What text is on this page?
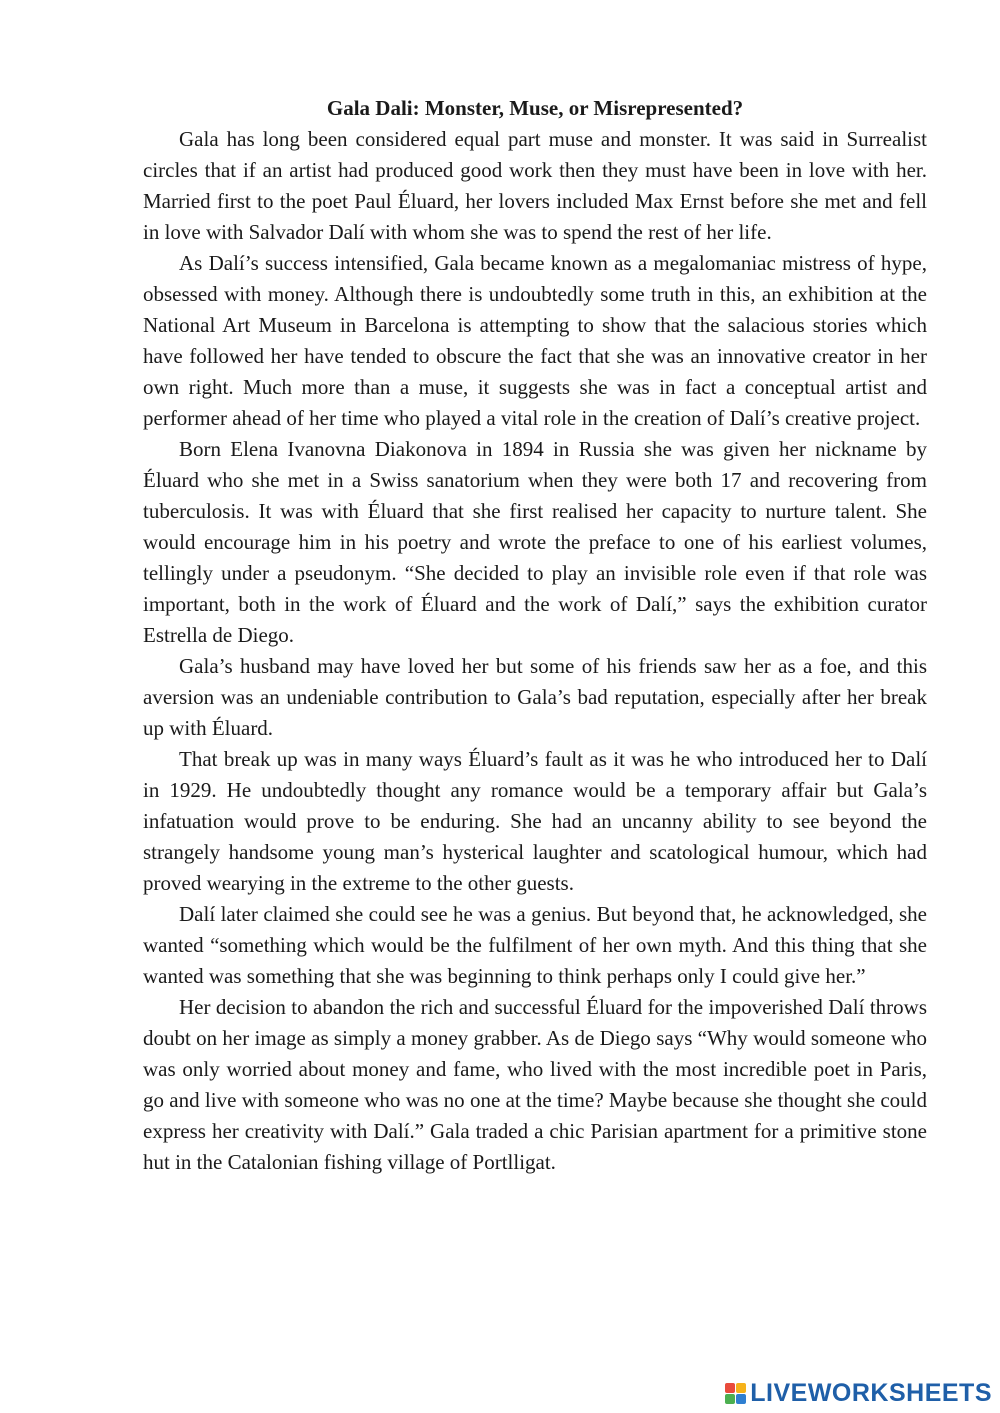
Gala Dali: Monster, Muse, or Misrepresented?

Gala has long been considered equal part muse and monster. It was said in Surrealist circles that if an artist had produced good work then they must have been in love with her. Married first to the poet Paul Éluard, her lovers included Max Ernst before she met and fell in love with Salvador Dalí with whom she was to spend the rest of her life.

As Dalí’s success intensified, Gala became known as a megalomaniac mistress of hype, obsessed with money. Although there is undoubtedly some truth in this, an exhibition at the National Art Museum in Barcelona is attempting to show that the salacious stories which have followed her have tended to obscure the fact that she was an innovative creator in her own right. Much more than a muse, it suggests she was in fact a conceptual artist and performer ahead of her time who played a vital role in the creation of Dalí’s creative project.

Born Elena Ivanovna Diakonova in 1894 in Russia she was given her nickname by Éluard who she met in a Swiss sanatorium when they were both 17 and recovering from tuberculosis. It was with Éluard that she first realised her capacity to nurture talent. She would encourage him in his poetry and wrote the preface to one of his earliest volumes, tellingly under a pseudonym. “She decided to play an invisible role even if that role was important, both in the work of Éluard and the work of Dalí,” says the exhibition curator Estrella de Diego.

Gala’s husband may have loved her but some of his friends saw her as a foe, and this aversion was an undeniable contribution to Gala’s bad reputation, especially after her break up with Éluard.

That break up was in many ways Éluard’s fault as it was he who introduced her to Dalí in 1929. He undoubtedly thought any romance would be a temporary affair but Gala’s infatuation would prove to be enduring. She had an uncanny ability to see beyond the strangely handsome young man’s hysterical laughter and scatological humour, which had proved wearying in the extreme to the other guests.

Dalí later claimed she could see he was a genius. But beyond that, he acknowledged, she wanted “something which would be the fulfilment of her own myth. And this thing that she wanted was something that she was beginning to think perhaps only I could give her.”

Her decision to abandon the rich and successful Éluard for the impoverished Dalí throws doubt on her image as simply a money grabber. As de Diego says “Why would someone who was only worried about money and fame, who lived with the most incredible poet in Paris, go and live with someone who was no one at the time? Maybe because she thought she could express her creativity with Dalí.” Gala traded a chic Parisian apartment for a primitive stone hut in the Catalonian fishing village of Portlligat.

LIVEWORKSHEETS
